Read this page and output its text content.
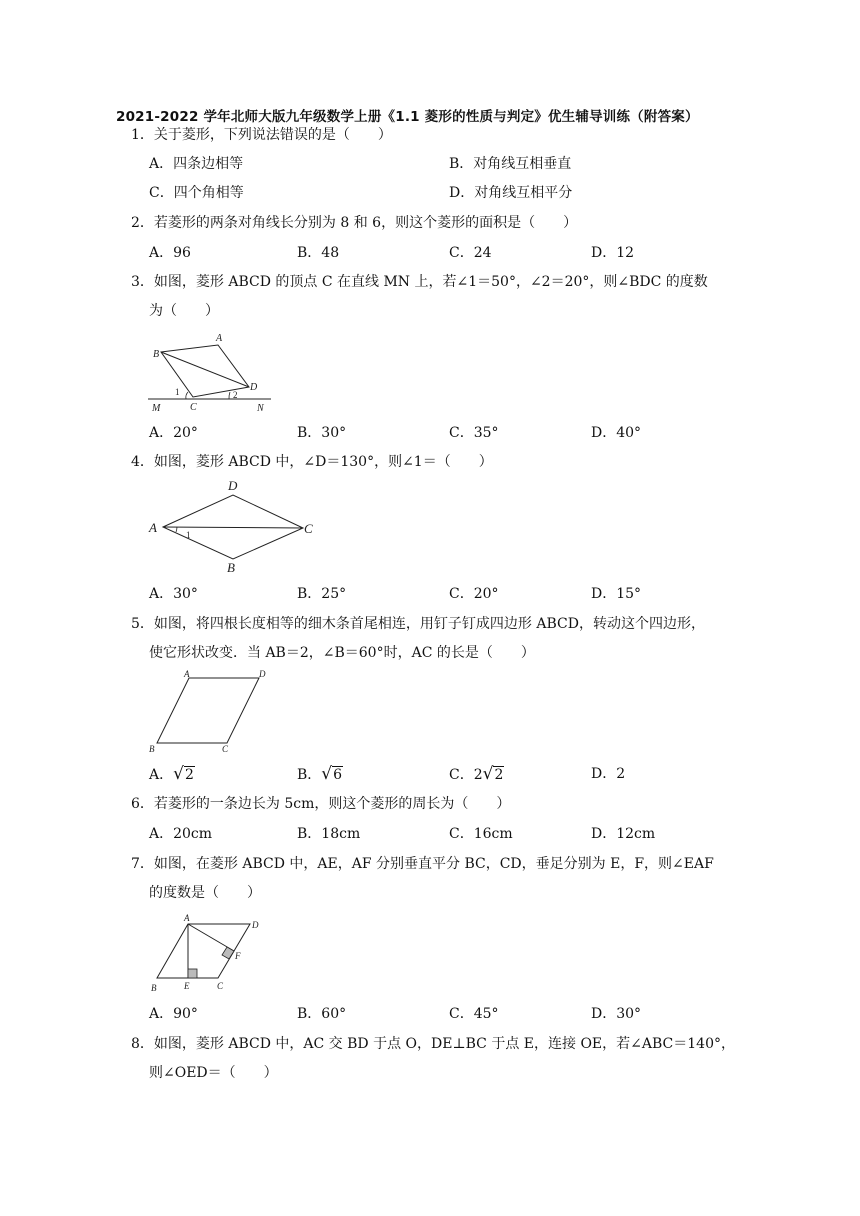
2021-2022 学年北师大版九年级数学上册《1.1 菱形的性质与判定》优生辅导训练（附答案）
1．关于菱形，下列说法错误的是（　　）
A．四条边相等	B．对角线互相垂直
C．四个角相等	D．对角线互相平分
2．若菱形的两条对角线长分别为 8 和 6，则这个菱形的面积是（　　）
A．96	B．48	C．24	D．12
3．如图，菱形 ABCD 的顶点 C 在直线 MN 上，若∠1＝50°，∠2＝20°，则∠BDC 的度数
为（　　）
B
A
D
C
M	N
1	2
A．20°	B．30°	C．35°	D．40°
4．如图，菱形 ABCD 中，∠D＝130°，则∠1＝（　　）
D
A	C
B
1
A．30°	B．25°	C．20°	D．15°
5．如图，将四根长度相等的细木条首尾相连，用钉子钉成四边形 ABCD，转动这个四边形，
使它形状改变．当 AB＝2，∠B＝60°时，AC 的长是（　　）
A	D
B	C
A．√2	B．√6	C．2√2	D．2
6．若菱形的一条边长为 5cm，则这个菱形的周长为（　　）
A．20cm	B．18cm	C．16cm	D．12cm
7．如图，在菱形 ABCD 中，AE，AF 分别垂直平分 BC，CD，垂足分别为 E，F，则∠EAF
的度数是（　　）
A
D
F
B	E	C
A．90°	B．60°	C．45°	D．30°
8．如图，菱形 ABCD 中，AC 交 BD 于点 O，DE⊥BC 于点 E，连接 OE，若∠ABC＝140°，
则∠OED＝（　　）
